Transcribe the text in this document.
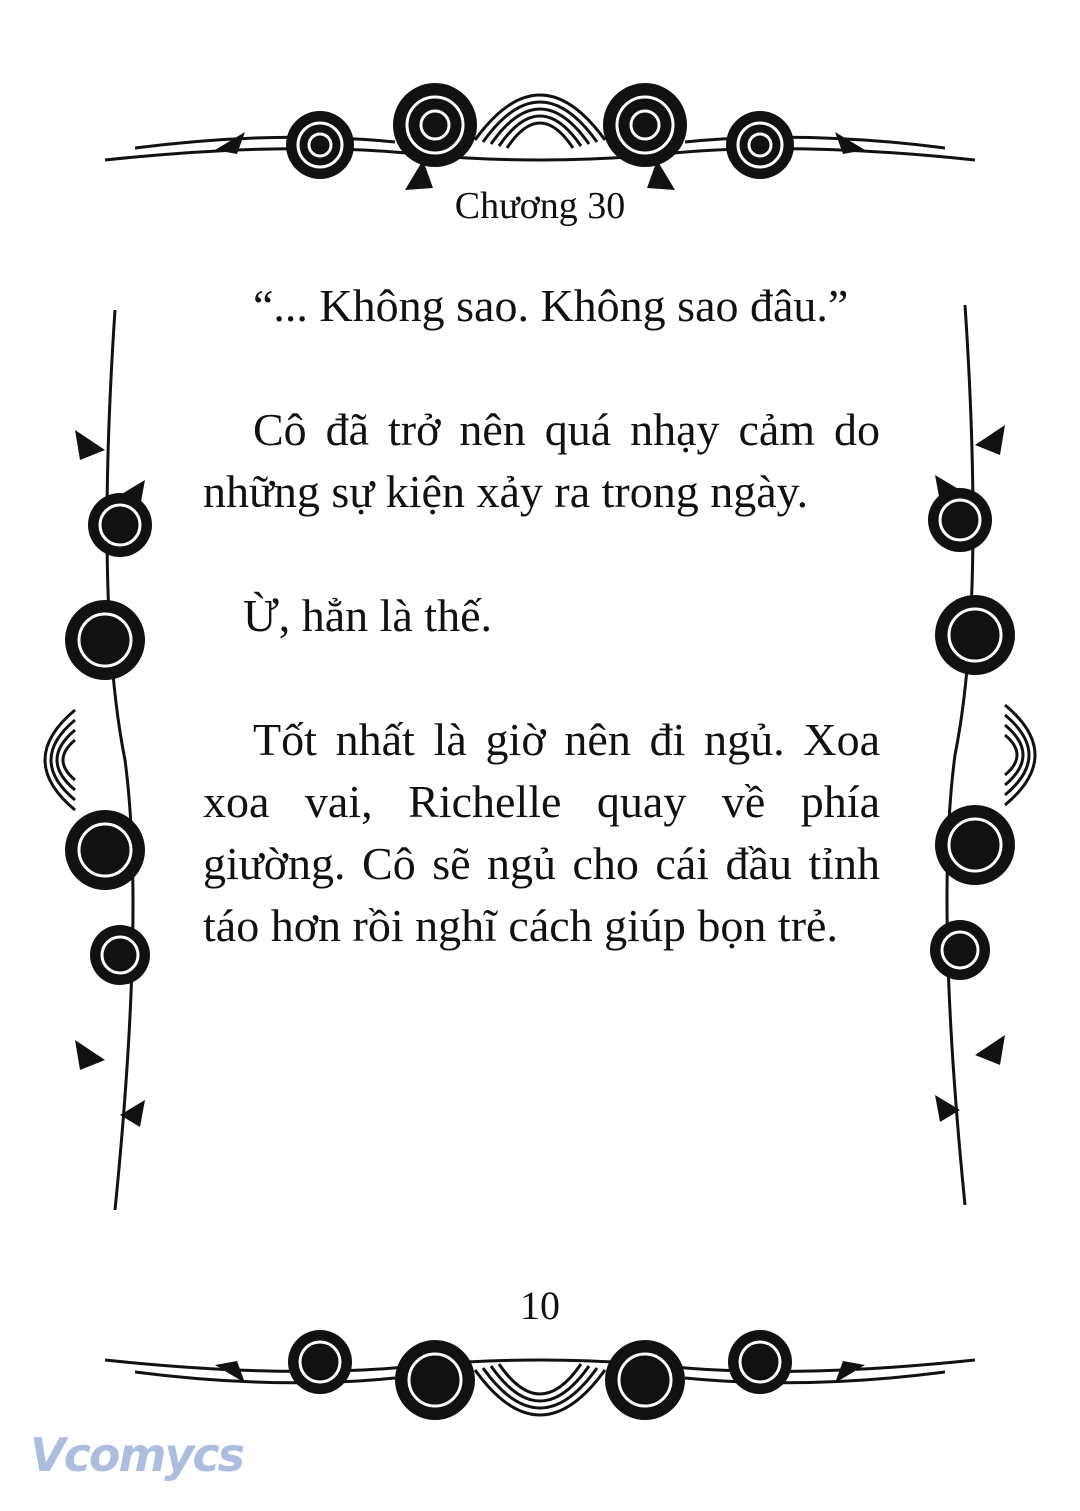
Chương 30

“... Không sao. Không sao đâu.”

Cô đã trở nên quá nhạy cảm do những sự kiện xảy ra trong ngày.

Ừ, hẳn là thế.

Tốt nhất là giờ nên đi ngủ. Xoa xoa vai, Richelle quay về phía giường. Cô sẽ ngủ cho cái đầu tỉnh táo hơn rồi nghĩ cách giúp bọn trẻ.

10
Vcomycs
